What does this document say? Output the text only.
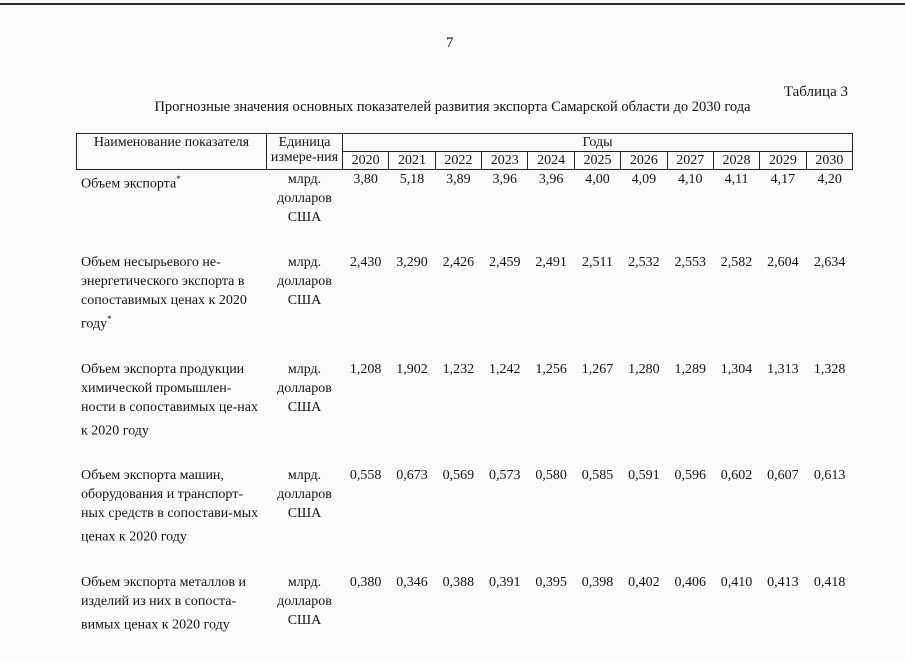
7
Таблица 3
Прогнозные значения основных показателей развития экспорта Самарской области до 2030 года
Наименование показателя	Единица измере-ния	Годы										
		2020	2021	2022	2023	2024	2025	2026	2027	2028	2029	2030
Объем экспорта*	млрд. долларов США	3,80	5,18	3,89	3,96	3,96	4,00	4,09	4,10	4,11	4,17	4,20
Объем несырьевого не-энергетического экспорта в сопоставимых ценах к 2020 году*	млрд. долларов США	2,430	3,290	2,426	2,459	2,491	2,511	2,532	2,553	2,582	2,604	2,634
Объем экспорта продукции химической промышлен-ности в сопоставимых це-нах к 2020 году	млрд. долларов США	1,208	1,902	1,232	1,242	1,256	1,267	1,280	1,289	1,304	1,313	1,328
Объем экспорта машин, оборудования и транспорт-ных средств в сопостави-мых ценах к 2020 году	млрд. долларов США	0,558	0,673	0,569	0,573	0,580	0,585	0,591	0,596	0,602	0,607	0,613
Объем экспорта металлов и изделий из них в сопоста-вимых ценах к 2020 году	млрд. долларов США	0,380	0,346	0,388	0,391	0,395	0,398	0,402	0,406	0,410	0,413	0,418
